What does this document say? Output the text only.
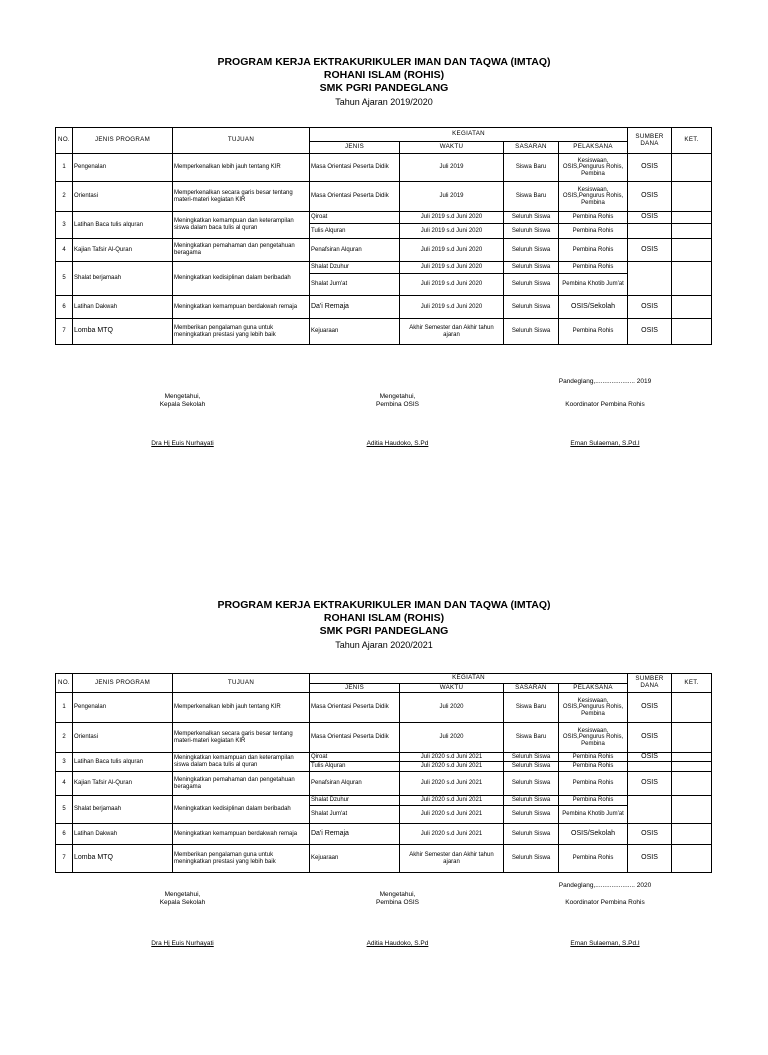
PROGRAM KERJA EKTRAKURIKULER IMAN DAN TAQWA (IMTAQ)
ROHANI ISLAM (ROHIS)
SMK PGRI PANDEGLANG
Tahun Ajaran 2019/2020
NO.	JENIS PROGRAM	TUJUAN	KEGIATAN				SUMBER DANA	KET.
			JENIS	WAKTU	SASARAN	PELAKSANA		
1	Pengenalan	Memperkenalkan lebih jauh tentang KIR	Masa Orientasi Peserta Didik	Juli 2019	Siswa Baru	Kesiswaan, OSIS,Pengurus Rohis, Pembina	OSIS	
2	Orientasi	Memperkenalkan secara garis besar tentang materi-materi kegiatan KIR	Masa Orientasi Peserta Didik	Juli 2019	Siswa Baru	Kesiswaan, OSIS,Pengurus Rohis, Pembina	OSIS	
3	Latihan Baca tulis alquran	Meningkatkan kemampuan dan keterampilan siswa dalam baca tulis al quran	Qiroat	Juli 2019 s.d Juni 2020	Seluruh Siswa	Pembina Rohis	OSIS	
			Tulis Alquran	Juli 2019 s.d Juni 2020	Seluruh Siswa	Pembina Rohis		
4	Kajian Tafsir Al-Quran	Meningkatkan pemahaman dan pengetahuan beragama	Penafsiran Alquran	Juli 2019 s.d Juni 2020	Seluruh Siswa	Pembina Rohis	OSIS	
5	Shalat berjamaah	Meningkatkan kedisiplinan dalam beribadah	Shalat Dzuhur	Juli 2019 s.d Juni 2020	Seluruh Siswa	Pembina Rohis		
			Shalat Jum'at	Juli 2019 s.d Juni 2020	Seluruh Siswa	Pembina Khotib Jum'at		
6	Latihan Dakwah	Meningkatkan kemampuan berdakwah remaja	Da'i Remaja	Juli 2019 s.d Juni 2020	Seluruh Siswa	OSIS/Sekolah	OSIS	
7	Lomba MTQ	Memberikan pengalaman guna untuk meningkatkan prestasi yang lebih baik	Kejuaraan	Akhir Semester dan Akhir tahun ajaran	Seluruh Siswa	Pembina Rohis	OSIS	
Pandeglang,...................... 2019
Mengetahui,
Kepala Sekolah
Mengetahui,
Pembina OSIS	Koordinator Pembina Rohis
Dra Hj Euis Nurhayati	Aditia Haudoko, S.Pd	Eman Sulaeman, S.Pd.I
PROGRAM KERJA EKTRAKURIKULER IMAN DAN TAQWA (IMTAQ)
ROHANI ISLAM (ROHIS)
SMK PGRI PANDEGLANG
Tahun Ajaran 2020/2021
NO.	JENIS PROGRAM	TUJUAN	KEGIATAN				SUMBER DANA	KET.
			JENIS	WAKTU	SASARAN	PELAKSANA		
1	Pengenalan	Memperkenalkan lebih jauh tentang KIR	Masa Orientasi Peserta Didik	Juli 2020	Siswa Baru	Kesiswaan, OSIS,Pengurus Rohis, Pembina	OSIS	
2	Orientasi	Memperkenalkan secara garis besar tentang materi-materi kegiatan KIR	Masa Orientasi Peserta Didik	Juli 2020	Siswa Baru	Kesiswaan, OSIS,Pengurus Rohis, Pembina	OSIS	
3	Latihan Baca tulis alquran	Meningkatkan kemampuan dan keterampilan siswa dalam baca tulis al quran	Qiroat	Juli 2020 s.d Juni 2021	Seluruh Siswa	Pembina Rohis	OSIS	
			Tulis Alquran	Juli 2020 s.d Juni 2021	Seluruh Siswa	Pembina Rohis		
4	Kajian Tafsir Al-Quran	Meningkatkan pemahaman dan pengetahuan beragama	Penafsiran Alquran	Juli 2020 s.d Juni 2021	Seluruh Siswa	Pembina Rohis	OSIS	
5	Shalat berjamaah	Meningkatkan kedisiplinan dalam beribadah	Shalat Dzuhur	Juli 2020 s.d Juni 2021	Seluruh Siswa	Pembina Rohis		
			Shalat Jum'at	Juli 2020 s.d Juni 2021	Seluruh Siswa	Pembina Khotib Jum'at		
6	Latihan Dakwah	Meningkatkan kemampuan berdakwah remaja	Da'i Remaja	Juli 2020 s.d Juni 2021	Seluruh Siswa	OSIS/Sekolah	OSIS	
7	Lomba MTQ	Memberikan pengalaman guna untuk meningkatkan prestasi yang lebih baik	Kejuaraan	Akhir Semester dan Akhir tahun ajaran	Seluruh Siswa	Pembina Rohis	OSIS	
Pandeglang,...................... 2020
Mengetahui,
Kepala Sekolah
Mengetahui,
Pembina OSIS	Koordinator Pembina Rohis
Dra Hj Euis Nurhayati	Aditia Haudoko, S.Pd	Eman Sulaeman, S.Pd.I
